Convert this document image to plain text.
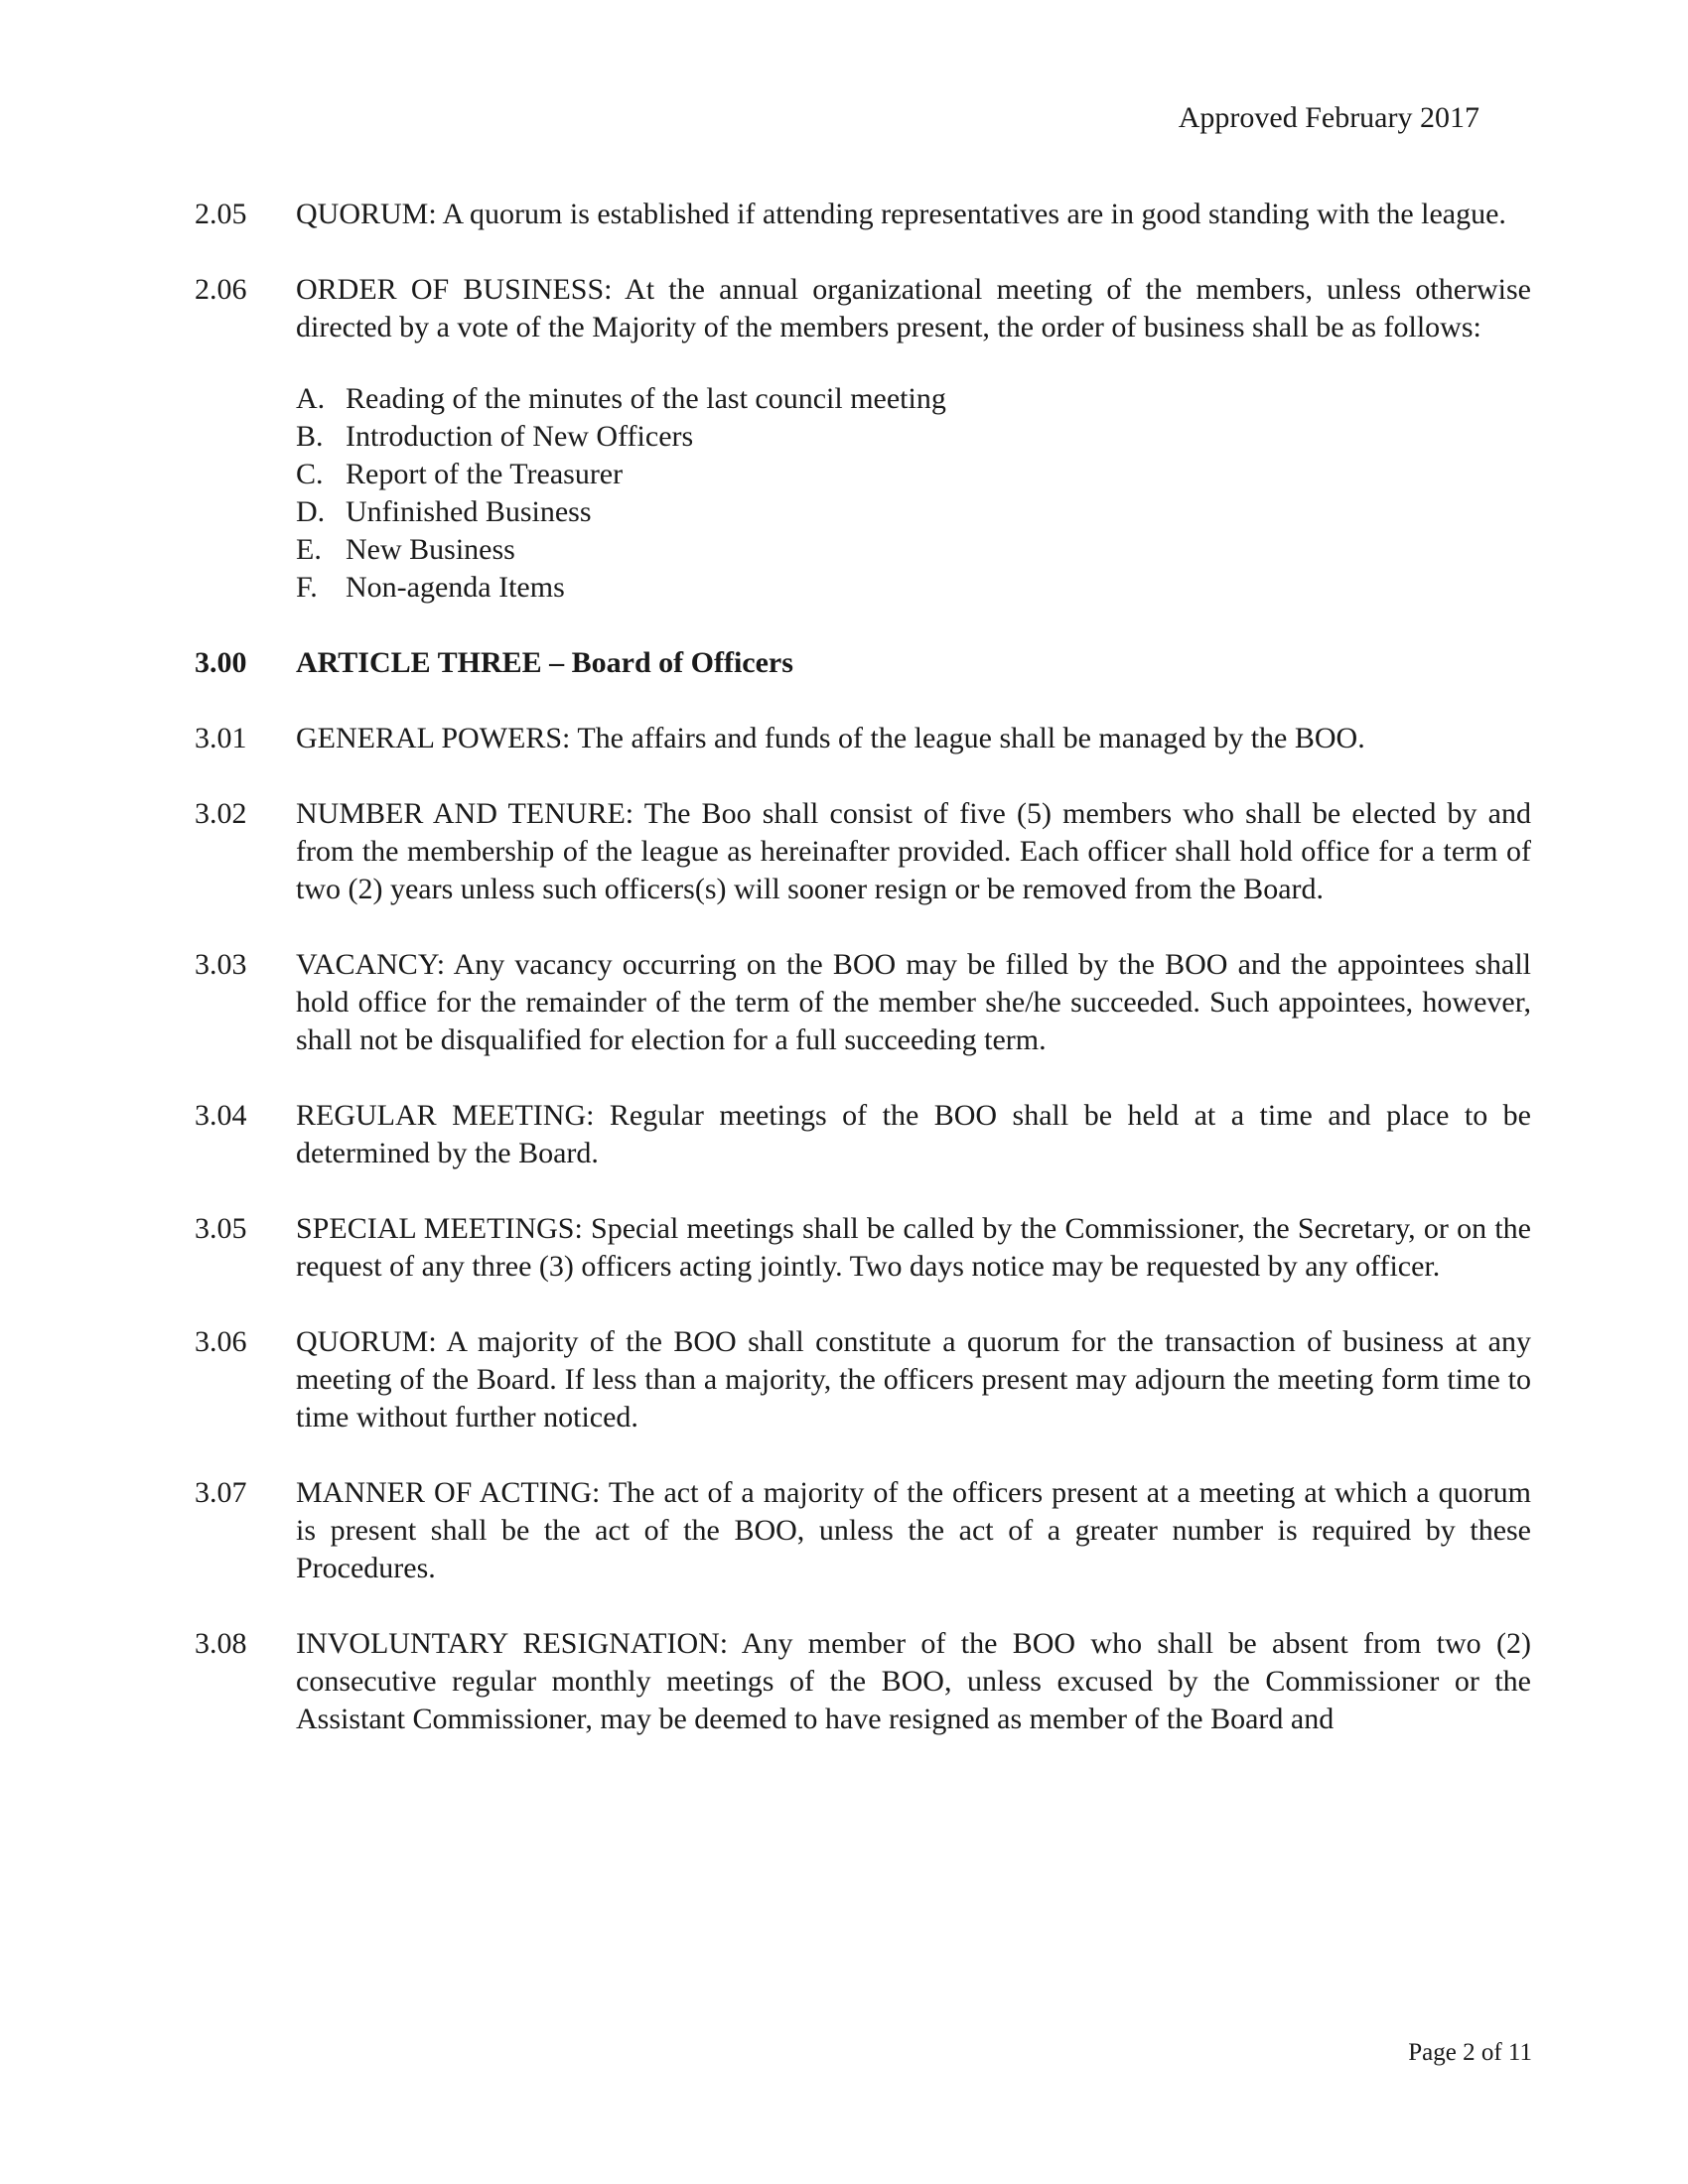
Approved February 2017
2.05	QUORUM: A quorum is established if attending representatives are in good standing with the league.
2.06	ORDER OF BUSINESS: At the annual organizational meeting of the members, unless otherwise directed by a vote of the Majority of the members present, the order of business shall be as follows:
A. Reading of the minutes of the last council meeting
B. Introduction of New Officers
C. Report of the Treasurer
D. Unfinished Business
E. New Business
F. Non-agenda Items
3.00	ARTICLE THREE – Board of Officers
3.01	GENERAL POWERS: The affairs and funds of the league shall be managed by the BOO.
3.02	NUMBER AND TENURE: The Boo shall consist of five (5) members who shall be elected by and from the membership of the league as hereinafter provided. Each officer shall hold office for a term of two (2) years unless such officers(s) will sooner resign or be removed from the Board.
3.03	VACANCY: Any vacancy occurring on the BOO may be filled by the BOO and the appointees shall hold office for the remainder of the term of the member she/he succeeded. Such appointees, however, shall not be disqualified for election for a full succeeding term.
3.04	REGULAR MEETING: Regular meetings of the BOO shall be held at a time and place to be determined by the Board.
3.05	SPECIAL MEETINGS: Special meetings shall be called by the Commissioner, the Secretary, or on the request of any three (3) officers acting jointly. Two days notice may be requested by any officer.
3.06	QUORUM: A majority of the BOO shall constitute a quorum for the transaction of business at any meeting of the Board. If less than a majority, the officers present may adjourn the meeting form time to time without further noticed.
3.07	MANNER OF ACTING: The act of a majority of the officers present at a meeting at which a quorum is present shall be the act of the BOO, unless the act of a greater number is required by these Procedures.
3.08	INVOLUNTARY RESIGNATION: Any member of the BOO who shall be absent from two (2) consecutive regular monthly meetings of the BOO, unless excused by the Commissioner or the Assistant Commissioner, may be deemed to have resigned as member of the Board and
Page 2 of 11
